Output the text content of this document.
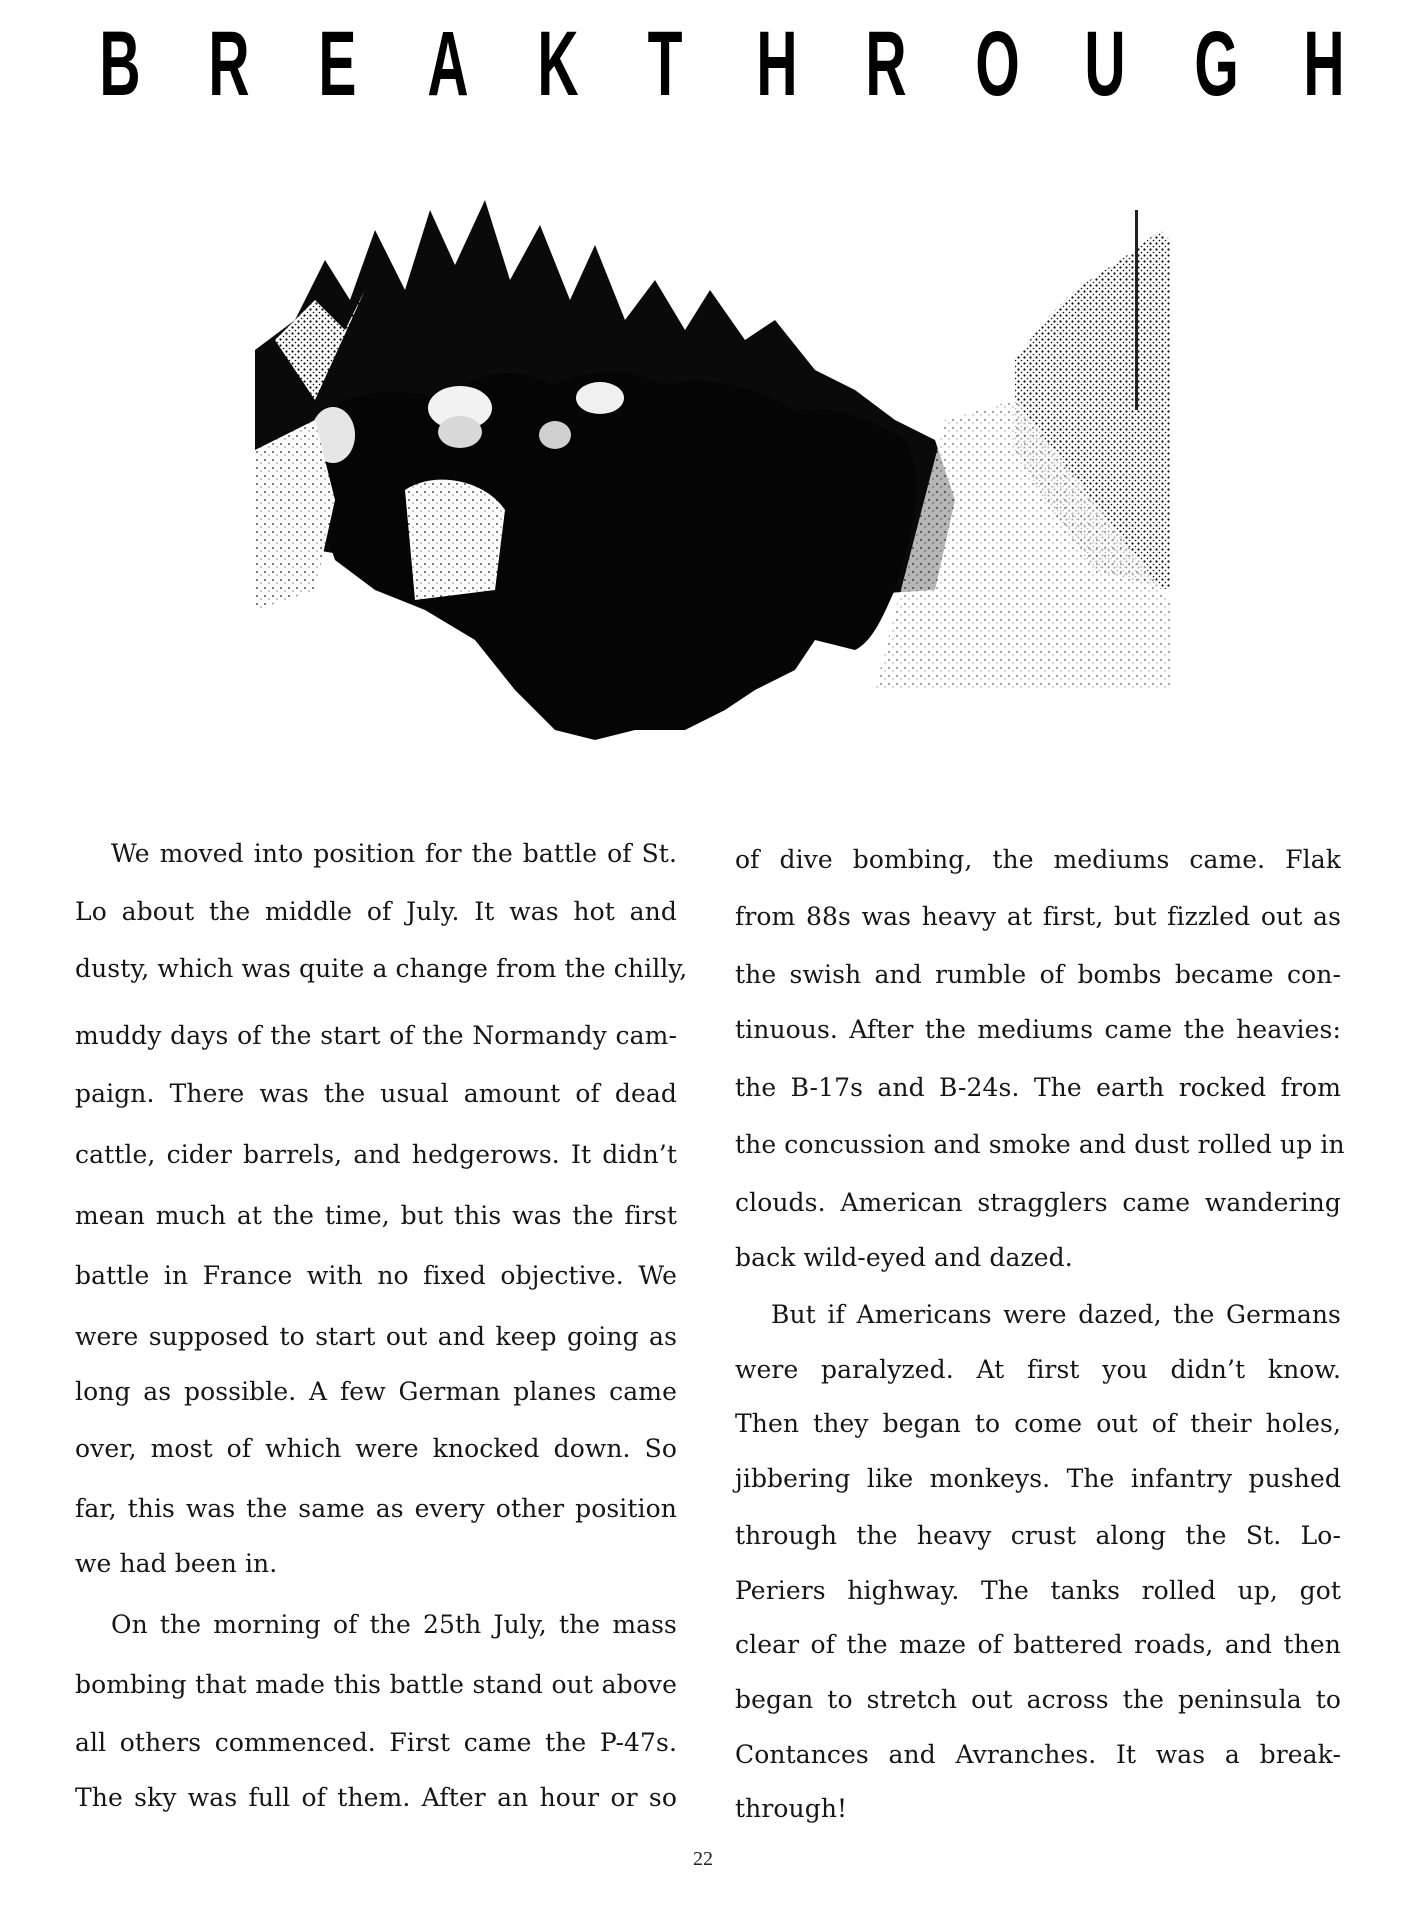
B R E A K T H R O U G H
We moved into position for the battle of St.
Lo about the middle of July. It was hot and
dusty, which was quite a change from the chilly,
muddy days of the start of the Normandy cam-
paign. There was the usual amount of dead
cattle, cider barrels, and hedgerows. It didn’t
mean much at the time, but this was the first
battle in France with no fixed objective. We
were supposed to start out and keep going as
long as possible. A few German planes came
over, most of which were knocked down. So
far, this was the same as every other position
we had been in.
On the morning of the 25th July, the mass
bombing that made this battle stand out above
all others commenced. First came the P-47s.
The sky was full of them. After an hour or so
of dive bombing, the mediums came. Flak
from 88s was heavy at first, but fizzled out as
the swish and rumble of bombs became con-
tinuous. After the mediums came the heavies:
the B-17s and B-24s. The earth rocked from
the concussion and smoke and dust rolled up in
clouds. American stragglers came wandering
back wild-eyed and dazed.
But if Americans were dazed, the Germans
were paralyzed. At first you didn’t know.
Then they began to come out of their holes,
jibbering like monkeys. The infantry pushed
through the heavy crust along the St. Lo-
Periers highway. The tanks rolled up, got
clear of the maze of battered roads, and then
began to stretch out across the peninsula to
Contances and Avranches. It was a break-
through!
22
